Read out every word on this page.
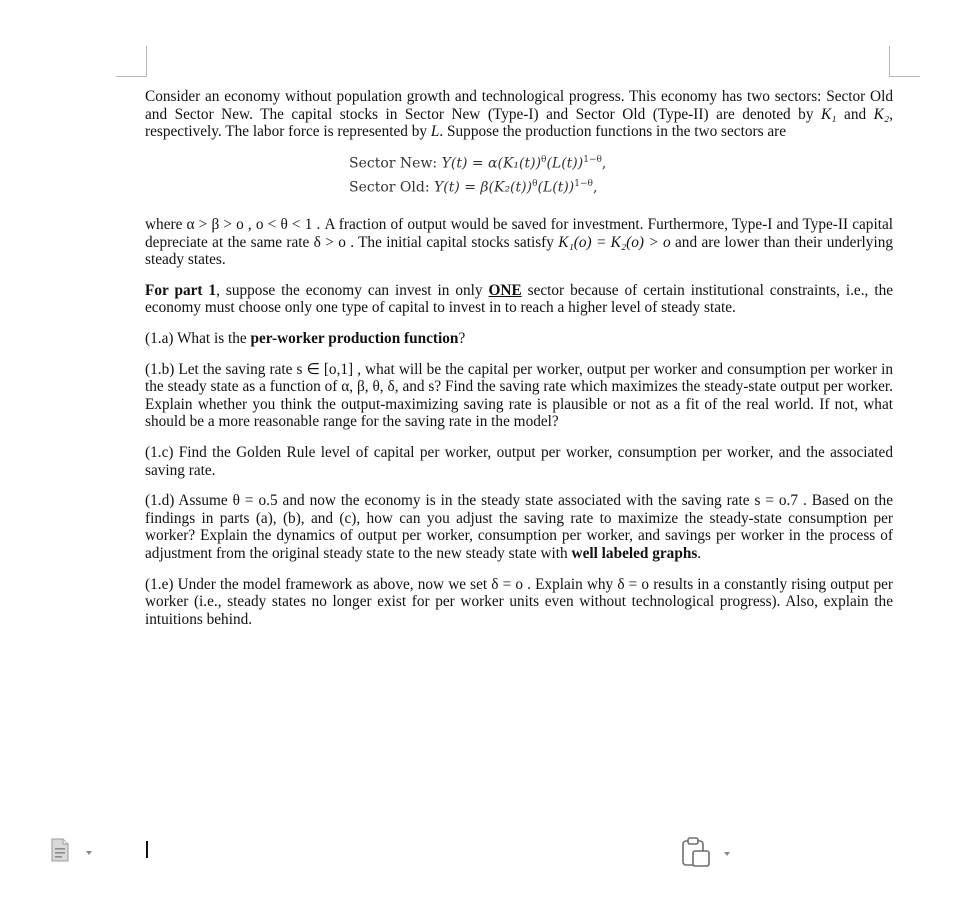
Consider an economy without population growth and technological progress. This economy has two sectors: Sector Old and Sector New. The capital stocks in Sector New (Type-I) and Sector Old (Type-II) are denoted by K₁ and K₂, respectively. The labor force is represented by L. Suppose the production functions in the two sectors are

Sector New: $Y(t) = \alpha(K_1(t))^\theta(L(t))^{1-\theta}$,
Sector Old: $Y(t) = \beta(K_2(t))^\theta(L(t))^{1-\theta}$,

where α > β > o , o < θ < 1 . A fraction of output would be saved for investment. Furthermore, Type-I and Type-II capital depreciate at the same rate δ > o . The initial capital stocks satisfy K₁(o) = K₂(o) > o and are lower than their underlying steady states.

For part 1, suppose the economy can invest in only ONE sector because of certain institutional constraints, i.e., the economy must choose only one type of capital to invest in to reach a higher level of steady state.

(1.a) What is the per-worker production function?

(1.b) Let the saving rate s ∈ [o,1] , what will be the capital per worker, output per worker and consumption per worker in the steady state as a function of α, β, θ, δ, and s? Find the saving rate which maximizes the steady-state output per worker. Explain whether you think the output-maximizing saving rate is plausible or not as a fit of the real world. If not, what should be a more reasonable range for the saving rate in the model?

(1.c) Find the Golden Rule level of capital per worker, output per worker, consumption per worker, and the associated saving rate.

(1.d) Assume θ = o.5 and now the economy is in the steady state associated with the saving rate s = o.7 . Based on the findings in parts (a), (b), and (c), how can you adjust the saving rate to maximize the steady-state consumption per worker? Explain the dynamics of output per worker, consumption per worker, and savings per worker in the process of adjustment from the original steady state to the new steady state with well labeled graphs.

(1.e) Under the model framework as above, now we set δ = o . Explain why δ = o results in a constantly rising output per worker (i.e., steady states no longer exist for per worker units even without technological progress). Also, explain the intuitions behind.
